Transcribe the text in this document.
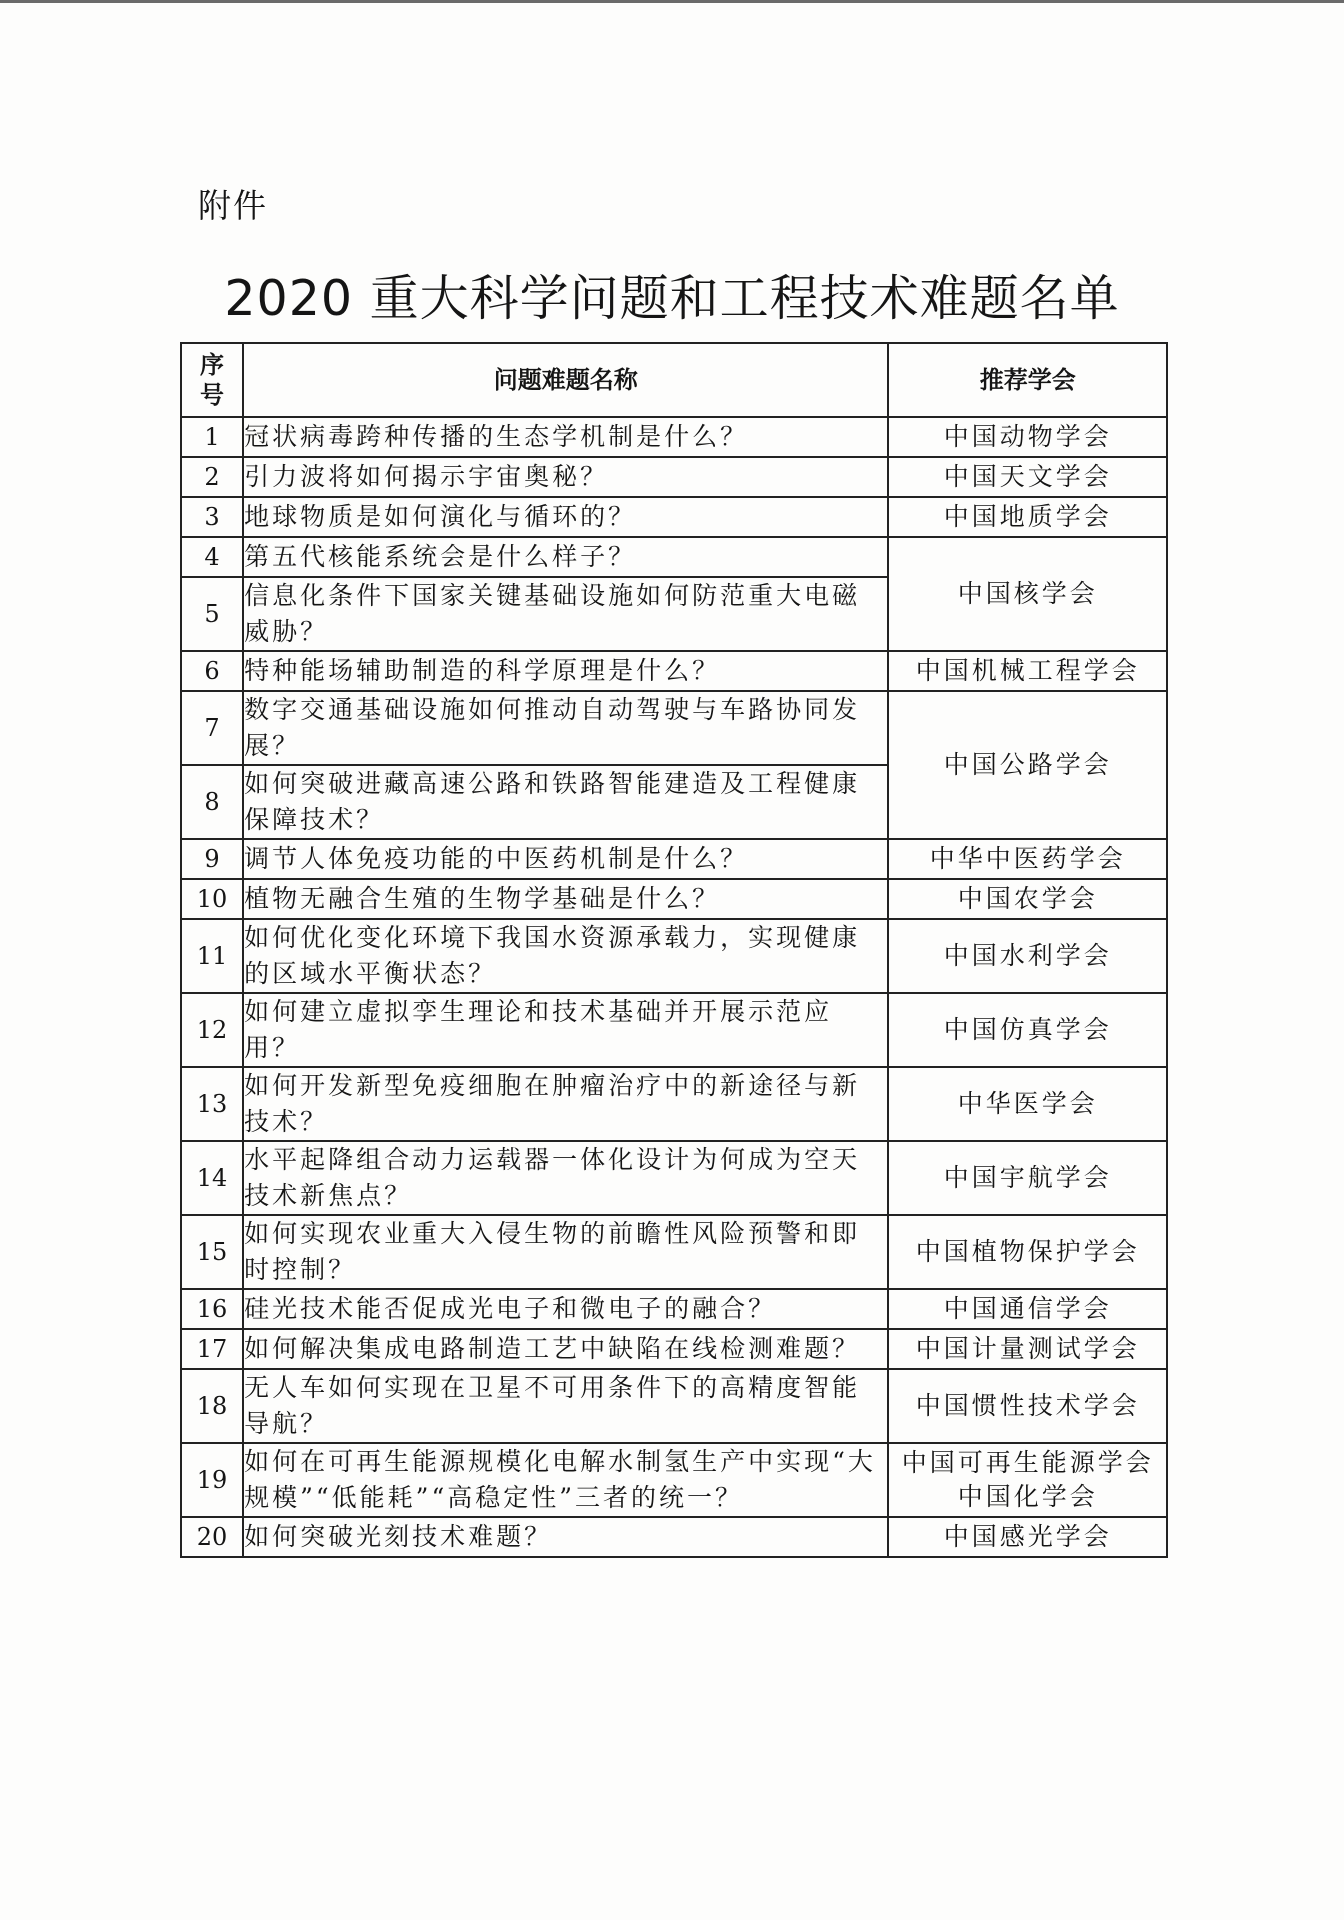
附件
2020 重大科学问题和工程技术难题名单
序号	问题难题名称	推荐学会
1	冠状病毒跨种传播的生态学机制是什么？	中国动物学会
2	引力波将如何揭示宇宙奥秘？	中国天文学会
3	地球物质是如何演化与循环的？	中国地质学会
4	第五代核能系统会是什么样子？	中国核学会
5	信息化条件下国家关键基础设施如何防范重大电磁威胁？	
6	特种能场辅助制造的科学原理是什么？	中国机械工程学会
7	数字交通基础设施如何推动自动驾驶与车路协同发展？	中国公路学会
8	如何突破进藏高速公路和铁路智能建造及工程健康保障技术？	
9	调节人体免疫功能的中医药机制是什么？	中华中医药学会
10	植物无融合生殖的生物学基础是什么？	中国农学会
11	如何优化变化环境下我国水资源承载力，实现健康的区域水平衡状态？	中国水利学会
12	如何建立虚拟孪生理论和技术基础并开展示范应用？	中国仿真学会
13	如何开发新型免疫细胞在肿瘤治疗中的新途径与新技术？	中华医学会
14	水平起降组合动力运载器一体化设计为何成为空天技术新焦点？	中国宇航学会
15	如何实现农业重大入侵生物的前瞻性风险预警和即时控制？	中国植物保护学会
16	硅光技术能否促成光电子和微电子的融合？	中国通信学会
17	如何解决集成电路制造工艺中缺陷在线检测难题？	中国计量测试学会
18	无人车如何实现在卫星不可用条件下的高精度智能导航？	中国惯性技术学会
19	如何在可再生能源规模化电解水制氢生产中实现“大规模”“低能耗”“高稳定性”三者的统一？	中国可再生能源学会
中国化学会

20	如何突破光刻技术难题？	中国感光学会
